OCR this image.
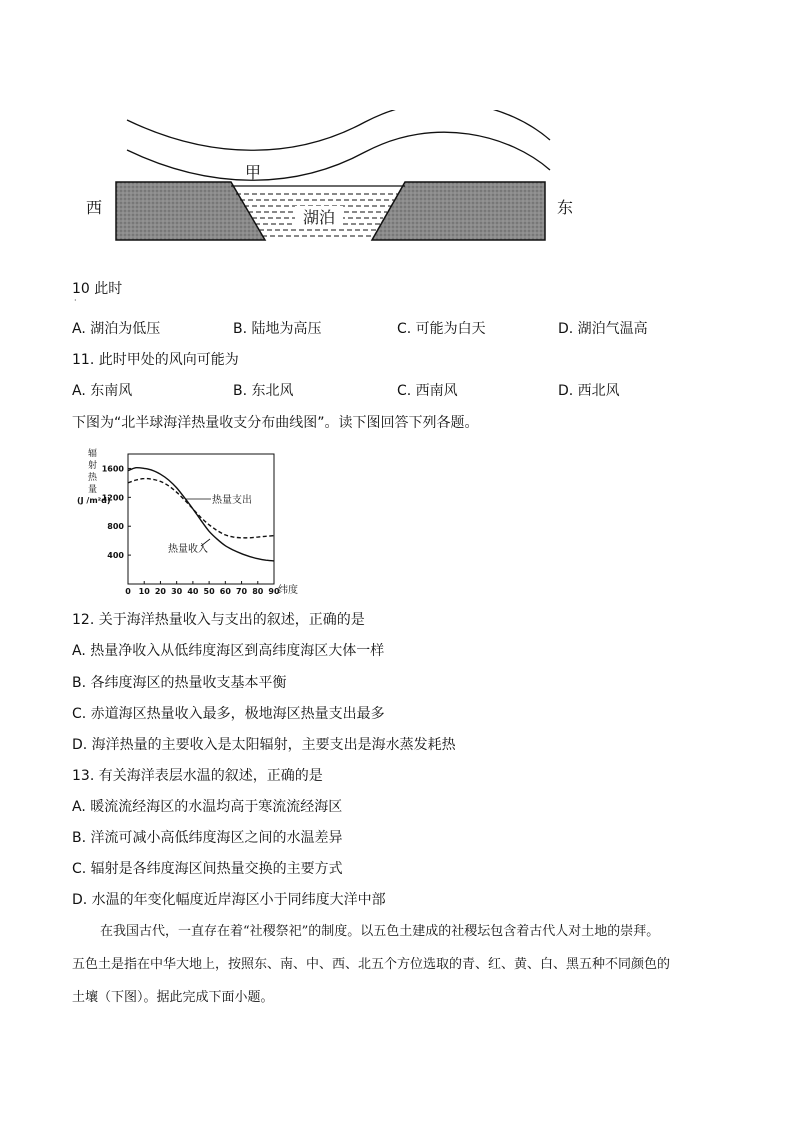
湖泊
甲
西	东
10 此时
·
A. 湖泊为低压	B. 陆地为高压	C. 可能为白天	D. 湖泊气温高
11. 此时甲处的风向可能为
A. 东南风	B. 东北风	C. 西南风	D. 西北风
下图为“北半球海洋热量收支分布曲线图”。读下图回答下列各题。
辐
射
热
量
(J /m²d)
1600
1200
800
400
0 10 20 30 40 50 60 70 80 90
纬度
热量支出
热量收入
12. 关于海洋热量收入与支出的叙述，正确的是
A. 热量净收入从低纬度海区到高纬度海区大体一样
B. 各纬度海区的热量收支基本平衡
C. 赤道海区热量收入最多，极地海区热量支出最多
D. 海洋热量的主要收入是太阳辐射，主要支出是海水蒸发耗热
13. 有关海洋表层水温的叙述，正确的是
A. 暖流流经海区的水温均高于寒流流经海区
B. 洋流可减小高低纬度海区之间的水温差异
C. 辐射是各纬度海区间热量交换的主要方式
D. 水温的年变化幅度近岸海区小于同纬度大洋中部
在我国古代，一直存在着“社稷祭祀”的制度。以五色土建成的社稷坛包含着古代人对土地的崇拜。
五色土是指在中华大地上，按照东、南、中、西、北五个方位选取的青、红、黄、白、黑五种不同颜色的
土壤（下图）。据此完成下面小题。
